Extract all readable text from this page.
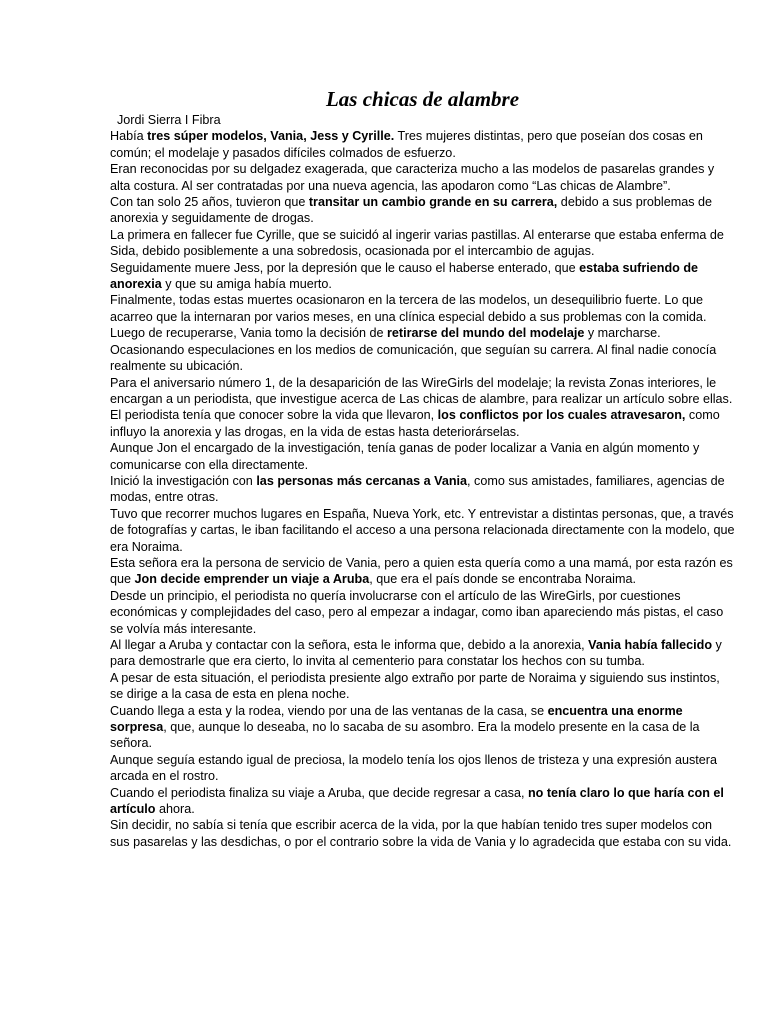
Las chicas de alambre
Jordi Sierra I Fibra

Había tres súper modelos, Vania, Jess y Cyrille. Tres mujeres distintas, pero que poseían dos cosas en común; el modelaje y pasados difíciles colmados de esfuerzo.

Eran reconocidas por su delgadez exagerada, que caracteriza mucho a las modelos de pasarelas grandes y alta costura. Al ser contratadas por una nueva agencia, las apodaron como “Las chicas de Alambre”.

Con tan solo 25 años, tuvieron que transitar un cambio grande en su carrera, debido a sus problemas de anorexia y seguidamente de drogas.

La primera en fallecer fue Cyrille, que se suicidó al ingerir varias pastillas. Al enterarse que estaba enferma de Sida, debido posiblemente a una sobredosis, ocasionada por el intercambio de agujas.

Seguidamente muere Jess, por la depresión que le causo el haberse enterado, que estaba sufriendo de anorexia y que su amiga había muerto.

Finalmente, todas estas muertes ocasionaron en la tercera de las modelos, un desequilibrio fuerte. Lo que acarreo que la internaran por varios meses, en una clínica especial debido a sus problemas con la comida.

Luego de recuperarse, Vania tomo la decisión de retirarse del mundo del modelaje y marcharse.

Ocasionando especulaciones en los medios de comunicación, que seguían su carrera. Al final nadie conocía realmente su ubicación.

Para el aniversario número 1, de la desaparición de las WireGirls del modelaje; la revista Zonas interiores, le encargan a un periodista, que investigue acerca de Las chicas de alambre, para realizar un artículo sobre ellas.

El periodista tenía que conocer sobre la vida que llevaron, los conflictos por los cuales atravesaron, como influyo la anorexia y las drogas, en la vida de estas hasta deteriorárselas.

Aunque Jon el encargado de la investigación, tenía ganas de poder localizar a Vania en algún momento y comunicarse con ella directamente.

Inició la investigación con las personas más cercanas a Vania, como sus amistades, familiares, agencias de modas, entre otras.

Tuvo que recorrer muchos lugares en España, Nueva York, etc. Y entrevistar a distintas personas, que, a través de fotografías y cartas, le iban facilitando el acceso a una persona relacionada directamente con la modelo, que era Noraima.

Esta señora era la persona de servicio de Vania, pero a quien esta quería como a una mamá, por esta razón es que Jon decide emprender un viaje a Aruba, que era el país donde se encontraba Noraima.

Desde un principio, el periodista no quería involucrarse con el artículo de las WireGirls, por cuestiones económicas y complejidades del caso, pero al empezar a indagar, como iban apareciendo más pistas, el caso se volvía más interesante.

Al llegar a Aruba y contactar con la señora, esta le informa que, debido a la anorexia, Vania había fallecido y para demostrarle que era cierto, lo invita al cementerio para constatar los hechos con su tumba.

A pesar de esta situación, el periodista presiente algo extraño por parte de Noraima y siguiendo sus instintos, se dirige a la casa de esta en plena noche.

Cuando llega a esta y la rodea, viendo por una de las ventanas de la casa, se encuentra una enorme sorpresa, que, aunque lo deseaba, no lo sacaba de su asombro. Era la modelo presente en la casa de la señora.

Aunque seguía estando igual de preciosa, la modelo tenía los ojos llenos de tristeza y una expresión austera arcada en el rostro.

Cuando el periodista finaliza su viaje a Aruba, que decide regresar a casa, no tenía claro lo que haría con el artículo ahora.

Sin decidir, no sabía si tenía que escribir acerca de la vida, por la que habían tenido tres super modelos con sus pasarelas y las desdichas, o por el contrario sobre la vida de Vania y lo agradecida que estaba con su vida.
